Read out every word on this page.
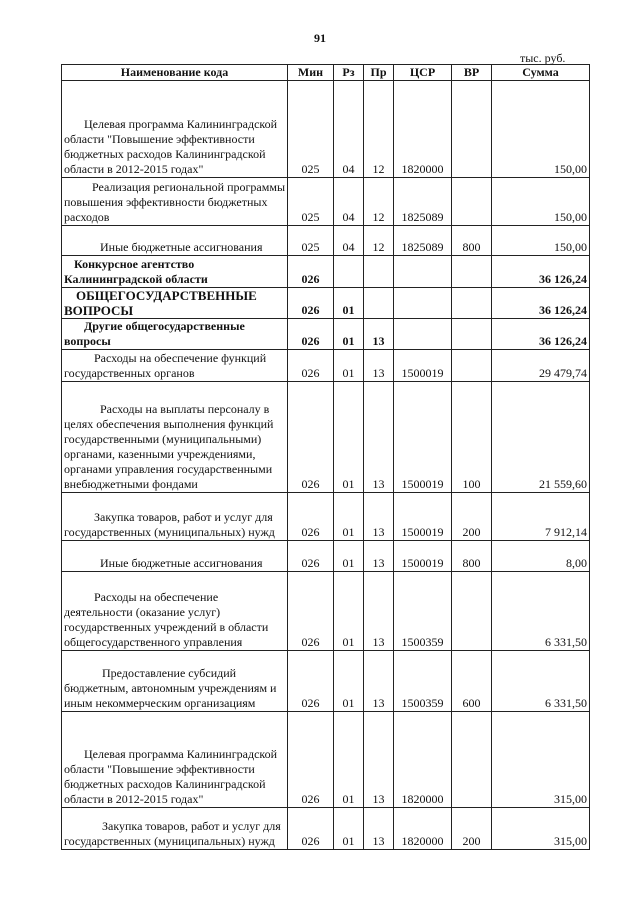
91
тыс. руб.
Наименование кода	Мин	Рз	Пр	ЦСР	ВР	Сумма
Целевая программа Калининградской области "Повышение эффективности бюджетных расходов Калининградской области в 2012-2015 годах"	025	04	12	1820000		150,00
Реализация региональной программы повышения эффективности бюджетных расходов	025	04	12	1825089		150,00
Иные бюджетные ассигнования	025	04	12	1825089	800	150,00
Конкурсное агентство Калининградской области	026					36 126,24
ОБЩЕГОСУДАРСТВЕННЫЕ ВОПРОСЫ	026	01				36 126,24
Другие общегосударственные вопросы	026	01	13			36 126,24
Расходы на обеспечение функций государственных органов	026	01	13	1500019		29 479,74
Расходы на выплаты персоналу в целях обеспечения выполнения функций государственными (муниципальными) органами, казенными учреждениями, органами управления государственными внебюджетными фондами	026	01	13	1500019	100	21 559,60
Закупка товаров, работ и услуг для государственных (муниципальных) нужд	026	01	13	1500019	200	7 912,14
Иные бюджетные ассигнования	026	01	13	1500019	800	8,00
Расходы на обеспечение деятельности (оказание услуг) государственных учреждений в области общегосударственного управления	026	01	13	1500359		6 331,50
Предоставление субсидий бюджетным, автономным учреждениям и иным некоммерческим организациям	026	01	13	1500359	600	6 331,50
Целевая программа Калининградской области "Повышение эффективности бюджетных расходов Калининградской области в 2012-2015 годах"	026	01	13	1820000		315,00
Закупка товаров, работ и услуг для государственных (муниципальных) нужд	026	01	13	1820000	200	315,00
